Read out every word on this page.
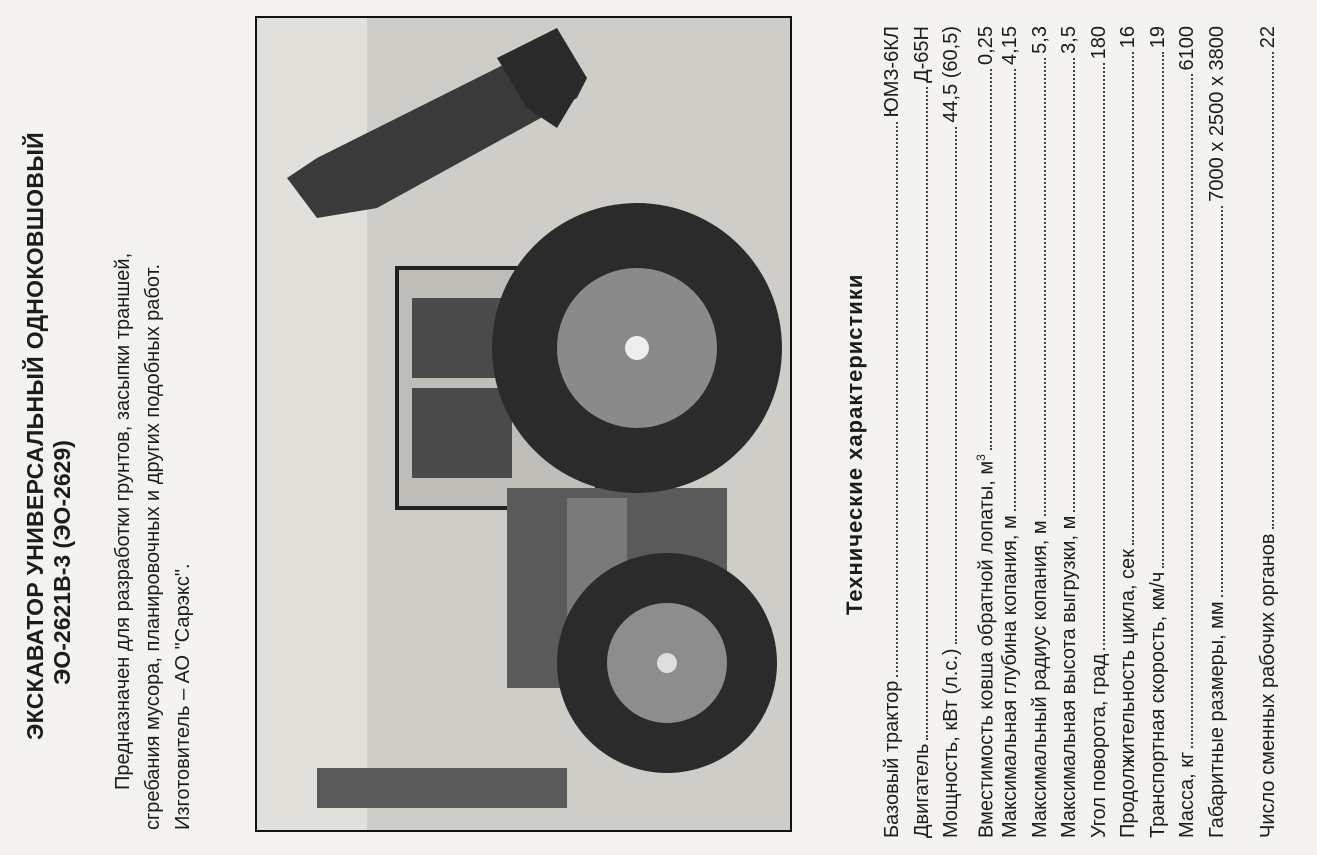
ЭКСКАВАТОР УНИВЕРСАЛЬНЫЙ ОДНОКОВШОВЫЙ ЭО-2621В-3 (ЭО-2629) Предназначен для разработки грунтов, засыпки траншей, сгребания мусора, планировочных и других подобных работ. Изготовитель – АО "Сарэкс".
Технические характеристики
Базовый трактор
ЮМЗ-6КЛ
Двигатель
Д-65Н
Мощность, кВт (л.с.)
44,5 (60,5)
Вместимость ковша обратной лопаты, $м^3$
0,25
Максимальная глубина копания, м
4,15
Максимальный радиус копания, м
5,3
Максимальная высота выгрузки, м
3,5
Угол поворота, град
180
Продолжительность цикла, сек
16
Транспортная скорость, км/ч
19
Масса, кг
6100
Габаритные размеры, мм
7000 х 2500 х 3800
Число сменных рабочих органов
22
